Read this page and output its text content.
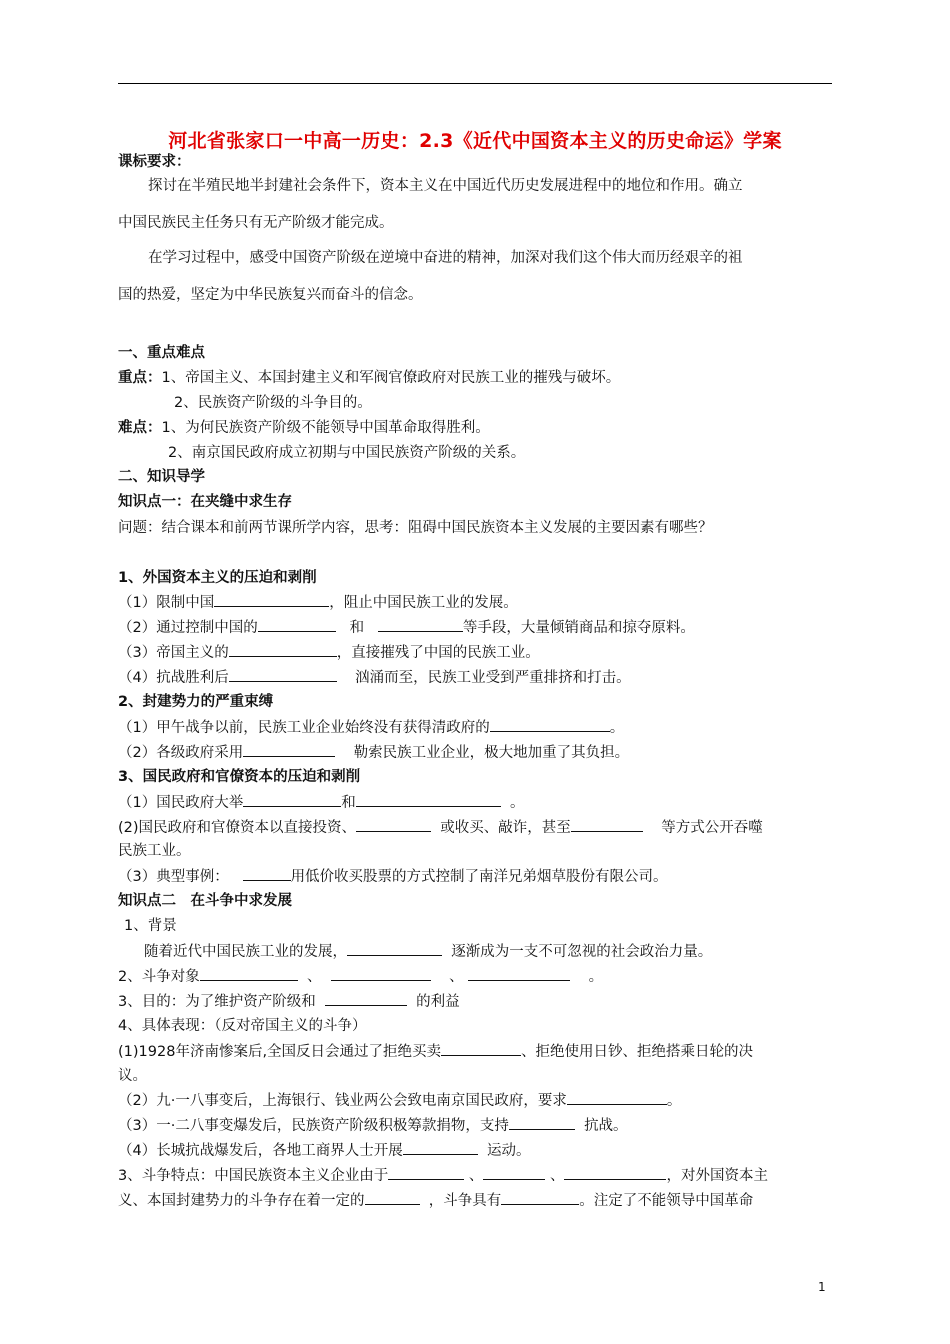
河北省张家口一中高一历史：2.3《近代中国资本主义的历史命运》学案
课标要求：
探讨在半殖民地半封建社会条件下，资本主义在中国近代历史发展进程中的地位和作用。确立
中国民族民主任务只有无产阶级才能完成。
在学习过程中，感受中国资产阶级在逆境中奋进的精神，加深对我们这个伟大而历经艰辛的祖
国的热爱，坚定为中华民族复兴而奋斗的信念。
一、重点难点
重点：1、帝国主义、本国封建主义和军阀官僚政府对民族工业的摧残与破坏。
2、民族资产阶级的斗争目的。
难点：1、为何民族资产阶级不能领导中国革命取得胜利。
2、南京国民政府成立初期与中国民族资产阶级的关系。
二、知识导学
知识点一：在夹缝中求生存
问题：结合课本和前两节课所学内容，思考：阻碍中国民族资本主义发展的主要因素有哪些？
1、外国资本主义的压迫和剥削
（1）限制中国	，阻止中国民族工业的发展。
（2）通过控制中国的	和	等手段，大量倾销商品和掠夺原料。
（3）帝国主义的	，直接摧残了中国的民族工业。
（4）抗战胜利后	汹涌而至，民族工业受到严重排挤和打击。
2、封建势力的严重束缚
（1）甲午战争以前，民族工业企业始终没有获得清政府的	。
（2）各级政府采用	勒索民族工业企业，极大地加重了其负担。
3、国民政府和官僚资本的压迫和剥削
（1）国民政府大举	和	。
(2)国民政府和官僚资本以直接投资、	或收买、敲诈，甚至	等方式公开吞噬
民族工业。
（3）典型事例：	用低价收买股票的方式控制了南洋兄弟烟草股份有限公司。
知识点二　在斗争中求发展
1、背景
随着近代中国民族工业的发展，	逐渐成为一支不可忽视的社会政治力量。
2、斗争对象	、	、	。
3、目的：为了维护资产阶级和	的利益
4、具体表现：（反对帝国主义的斗争）
(1)1928年济南惨案后,全国反日会通过了拒绝买卖	、拒绝使用日钞、拒绝搭乘日轮的决
议。
（2）九·一八事变后，上海银行、钱业两公会致电南京国民政府，要求	。
（3）一·二八事变爆发后，民族资产阶级积极筹款捐物，支持	抗战。
（4）长城抗战爆发后，各地工商界人士开展	运动。
3、斗争特点：中国民族资本主义企业由于	、	、	，对外国资本主
义、本国封建势力的斗争存在着一定的	，斗争具有	。注定了不能领导中国革命
1
